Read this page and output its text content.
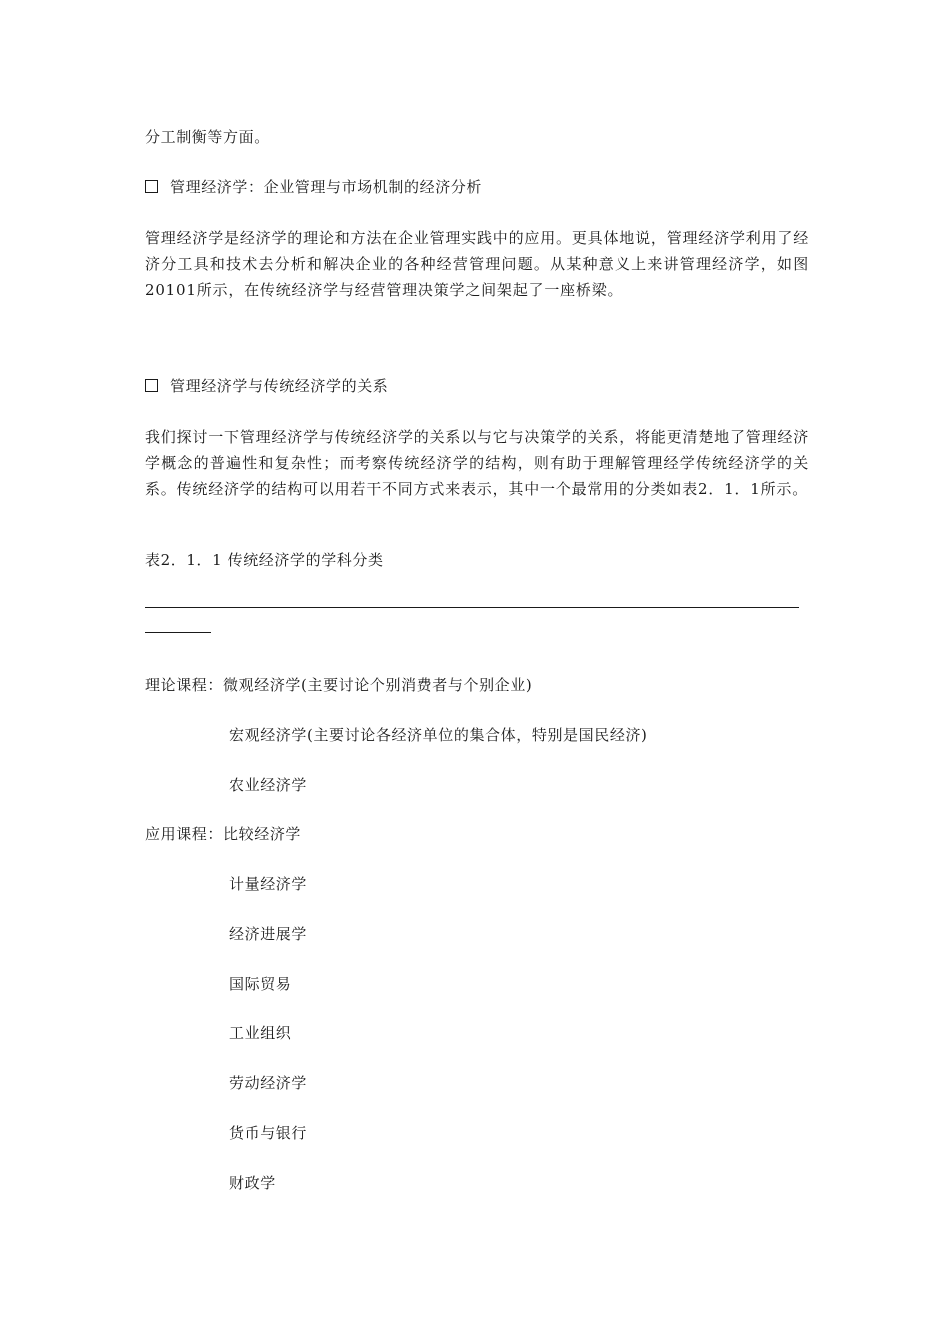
分工制衡等方面。
管理经济学：企业管理与市场机制的经济分析
管理经济学是经济学的理论和方法在企业管理实践中的应用。更具体地说，管理经济学利用了经济分工具和技术去分析和解决企业的各种经营管理问题。从某种意义上来讲管理经济学，如图20101所示，在传统经济学与经营管理决策学之间架起了一座桥梁。
管理经济学与传统经济学的关系
我们探讨一下管理经济学与传统经济学的关系以与它与决策学的关系，将能更清楚地了管理经济学概念的普遍性和复杂性；而考察传统经济学的结构，则有助于理解管理经学传统经济学的关系。传统经济学的结构可以用若干不同方式来表示，其中一个最常用的分类如表2．1．1所示。
表2．1．1 传统经济学的学科分类
理论课程：微观经济学(主要讨论个别消费者与个别企业)
宏观经济学(主要讨论各经济单位的集合体，特别是国民经济)
农业经济学
应用课程：比较经济学
计量经济学
经济进展学
国际贸易
工业组织
劳动经济学
货币与银行
财政学
